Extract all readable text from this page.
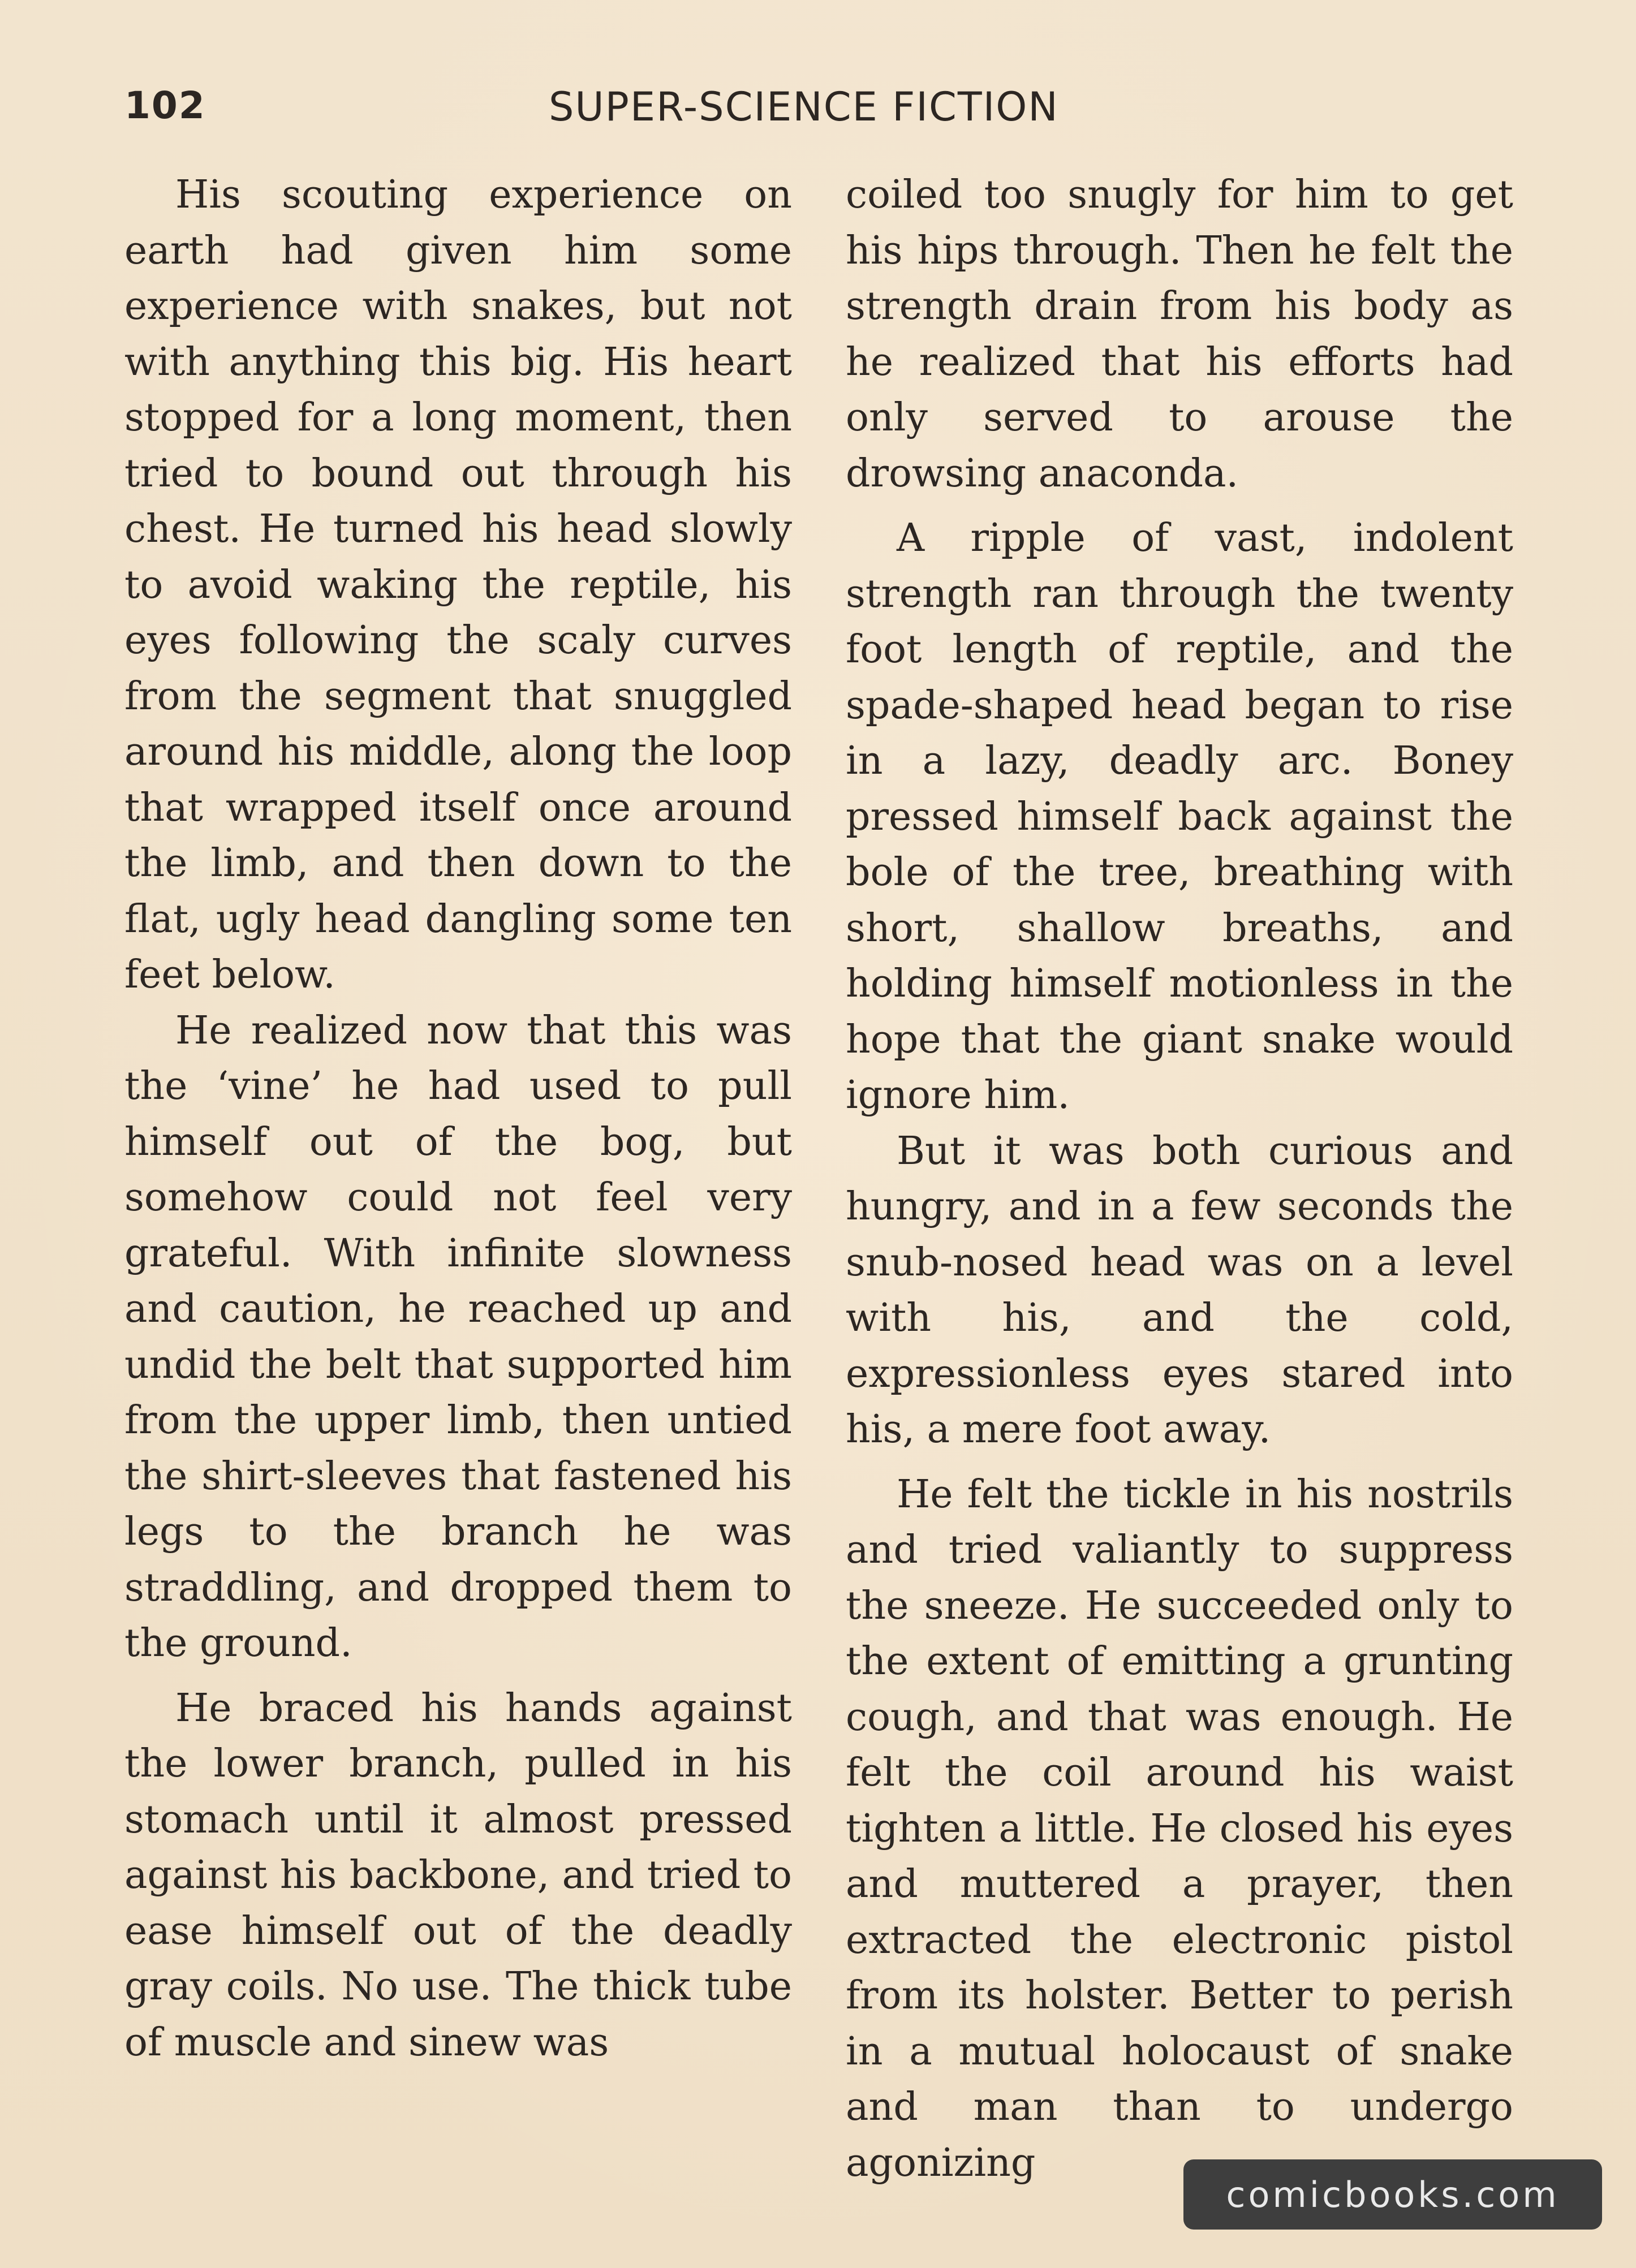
102	SUPER-SCIENCE FICTION

His scouting experience on earth had given him some experience with snakes, but not with anything this big. His heart stopped for a long moment, then tried to bound out through his chest. He turned his head slowly to avoid waking the reptile, his eyes following the scaly curves from the segment that snuggled around his middle, along the loop that wrapped itself once around the limb, and then down to the flat, ugly head dangling some ten feet below.

He realized now that this was the ‘vine’ he had used to pull himself out of the bog, but somehow could not feel very grateful. With infinite slowness and caution, he reached up and undid the belt that supported him from the upper limb, then untied the shirt-sleeves that fastened his legs to the branch he was straddling, and dropped them to the ground.

He braced his hands against the lower branch, pulled in his stomach until it almost pressed against his backbone, and tried to ease himself out of the deadly gray coils. No use. The thick tube of muscle and sinew was

coiled too snugly for him to get his hips through. Then he felt the strength drain from his body as he realized that his efforts had only served to arouse the drowsing anaconda.

A ripple of vast, indolent strength ran through the twenty foot length of reptile, and the spade-shaped head began to rise in a lazy, deadly arc. Boney pressed himself back against the bole of the tree, breathing with short, shallow breaths, and holding himself motionless in the hope that the giant snake would ignore him.

But it was both curious and hungry, and in a few seconds the snub-nosed head was on a level with his, and the cold, expressionless eyes stared into his, a mere foot away.

He felt the tickle in his nostrils and tried valiantly to suppress the sneeze. He succeeded only to the extent of emitting a grunting cough, and that was enough. He felt the coil around his waist tighten a little. He closed his eyes and muttered a prayer, then extracted the electronic pistol from its holster. Better to perish in a mutual holocaust of snake and man than to undergo agonizing

comicbooks.com
